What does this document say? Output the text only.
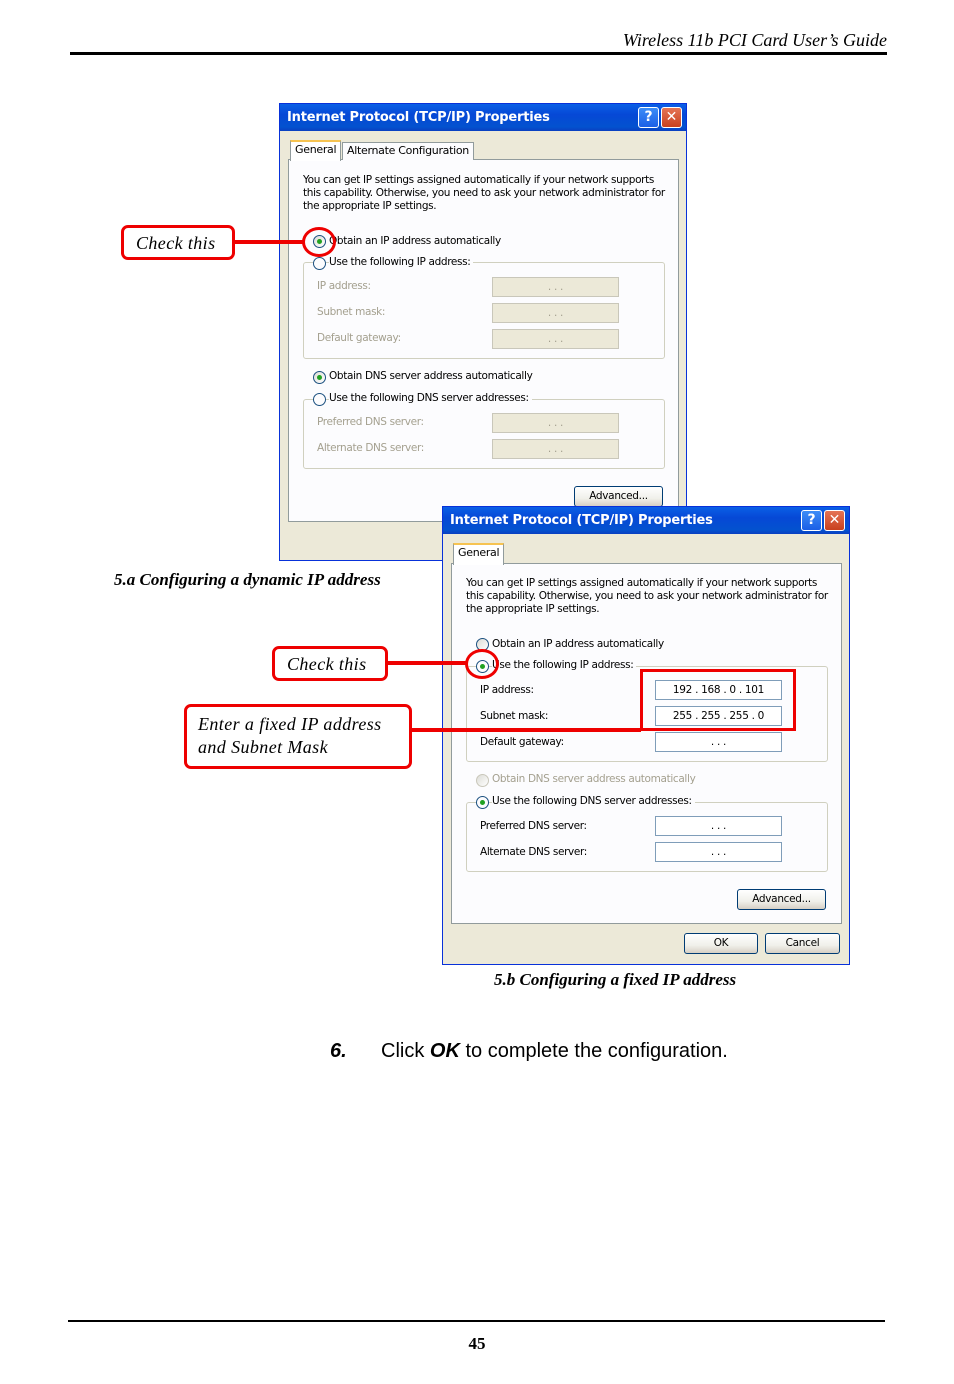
Wireless 11b PCI Card User’s Guide
Internet Protocol (TCP/IP) Properties	? ✕
General Alternate Configuration
You can get IP settings assigned automatically if your network supports
this capability. Otherwise, you need to ask your network administrator for
the appropriate IP settings.
Obtain an IP address automatically
Use the following IP address:
IP address:	. . .
Subnet mask:	. . .
Default gateway:	. . .
Obtain DNS server address automatically
Use the following DNS server addresses:
Preferred DNS server:	. . .
Alternate DNS server:	. . .
Advanced...
5.a Configuring a dynamic IP address
Internet Protocol (TCP/IP) Properties	? ✕
General
You can get IP settings assigned automatically if your network supports
this capability. Otherwise, you need to ask your network administrator for
the appropriate IP settings.
Obtain an IP address automatically
Use the following IP address:
IP address:	192 . 168 . 0 . 101
Subnet mask:	255 . 255 . 255 . 0
Default gateway:	. . .
Obtain DNS server address automatically
Use the following DNS server addresses:
Preferred DNS server:	. . .
Alternate DNS server:	. . .
Advanced...
OK	Cancel
5.b Configuring a fixed IP address
Check this
Check this
Enter a fixed IP address
and Subnet Mask
6. Click OK to complete the configuration.
45
